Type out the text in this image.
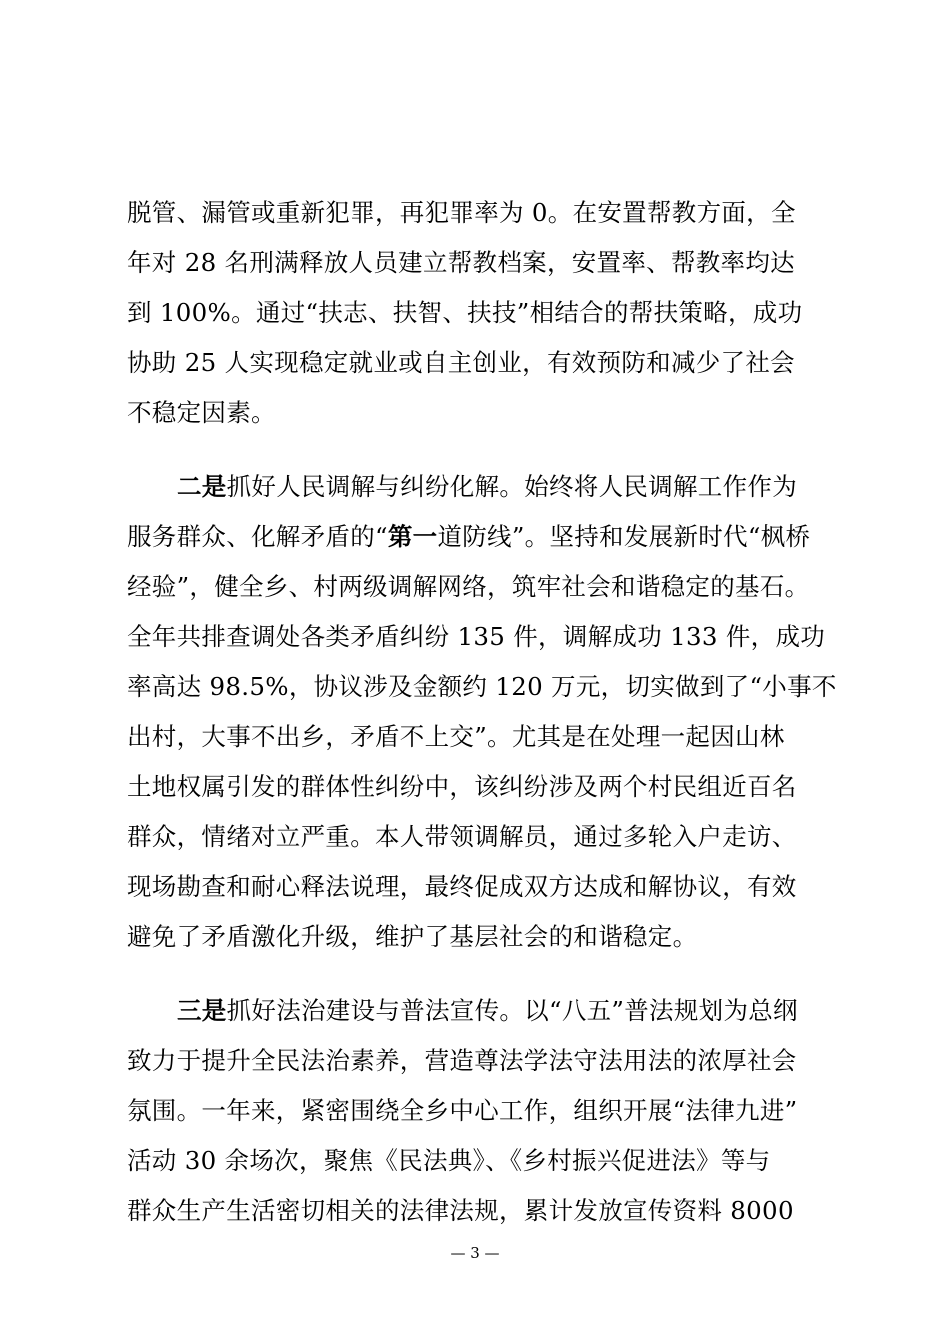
脱管、漏管或重新犯罪，再犯罪率为 0。在安置帮教方面，全
年对 28 名刑满释放人员建立帮教档案，安置率、帮教率均达
到 100%。通过“扶志、扶智、扶技”相结合的帮扶策略，成功
协助 25 人实现稳定就业或自主创业，有效预防和减少了社会
不稳定因素。
二是抓好人民调解与纠纷化解。始终将人民调解工作作为
服务群众、化解矛盾的“第一道防线”。坚持和发展新时代“枫桥
经验”，健全乡、村两级调解网络，筑牢社会和谐稳定的基石。
全年共排查调处各类矛盾纠纷 135 件，调解成功 133 件，成功
率高达 98.5%，协议涉及金额约 120 万元，切实做到了“小事不
出村，大事不出乡，矛盾不上交”。尤其是在处理一起因山林
土地权属引发的群体性纠纷中，该纠纷涉及两个村民组近百名
群众，情绪对立严重。本人带领调解员，通过多轮入户走访、
现场勘查和耐心释法说理，最终促成双方达成和解协议，有效
避免了矛盾激化升级，维护了基层社会的和谐稳定。
三是抓好法治建设与普法宣传。以“八五”普法规划为总纲
致力于提升全民法治素养，营造尊法学法守法用法的浓厚社会
氛围。一年来，紧密围绕全乡中心工作，组织开展“法律九进”
活动 30 余场次，聚焦《民法典》、《乡村振兴促进法》等与
群众生产生活密切相关的法律法规，累计发放宣传资料 8000
— 3 —
